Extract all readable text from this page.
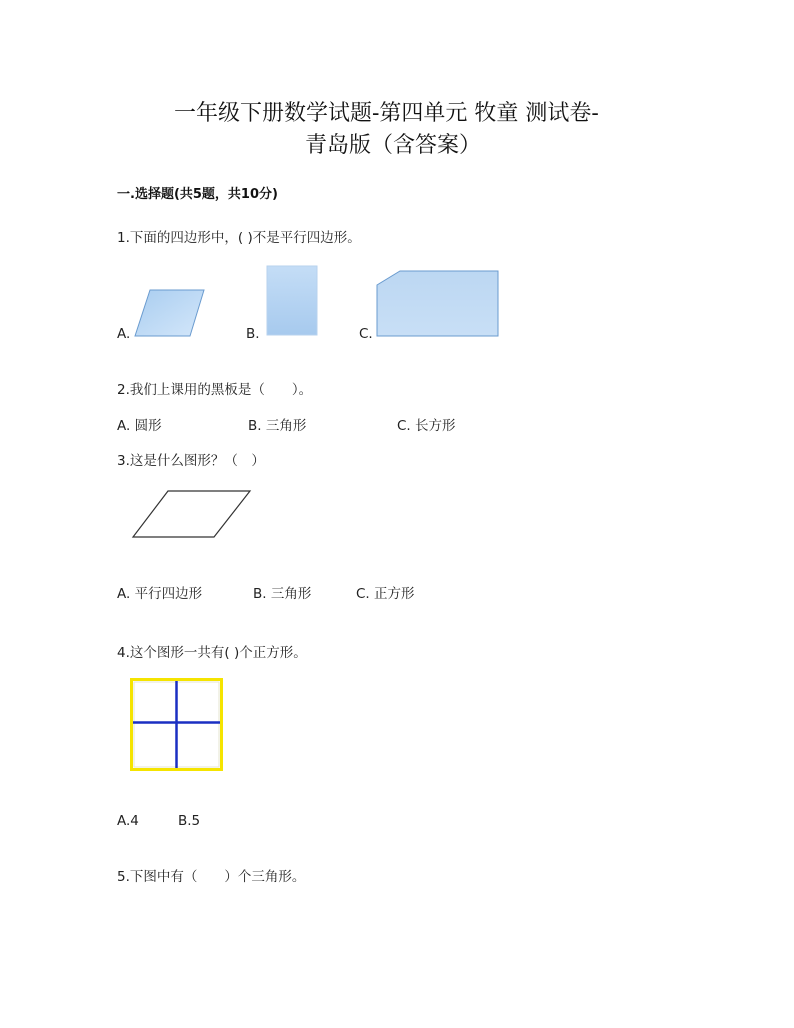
一年级下册数学试题-第四单元 牧童 测试卷-
青岛版（含答案）
一.选择题(共5题，共10分)
1.下面的四边形中，( )不是平行四边形。
A.	B.	C.
2.我们上课用的黑板是（　　）。
A. 圆形	B. 三角形	C. 长方形
3.这是什么图形？（　）
A. 平行四边形	B. 三角形	C. 正方形
4.这个图形一共有( )个正方形。
A.4	B.5
5.下图中有（　　）个三角形。
